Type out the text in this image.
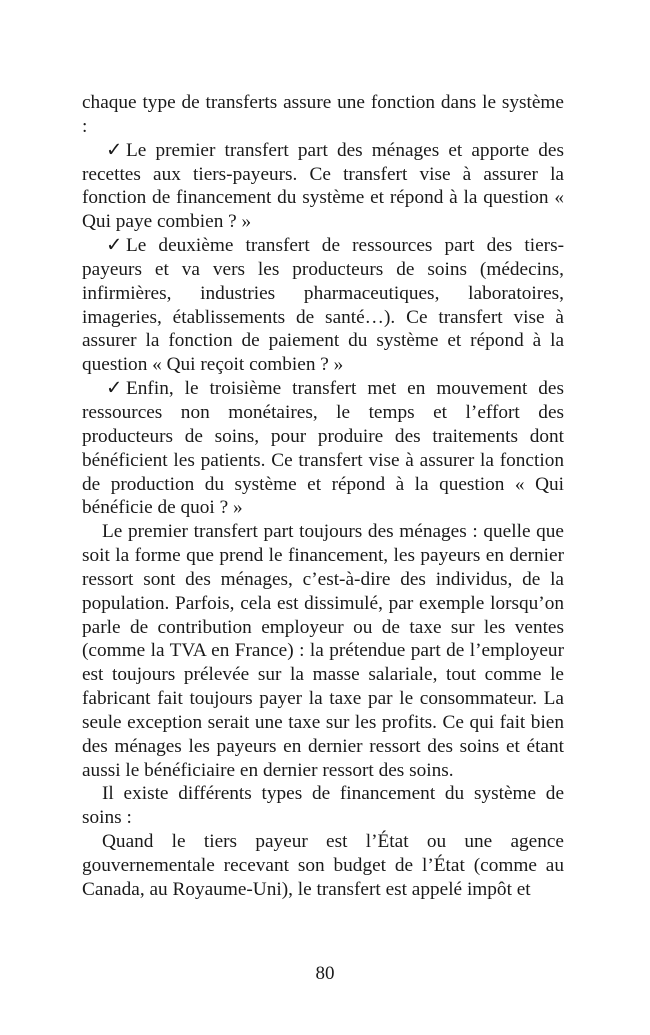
chaque type de transferts assure une fonction dans le système :

✓ Le premier transfert part des ménages et apporte des recettes aux tiers-payeurs. Ce transfert vise à assurer la fonction de financement du système et répond à la question « Qui paye combien ? »

✓ Le deuxième transfert de ressources part des tiers-payeurs et va vers les producteurs de soins (médecins, infirmières, industries pharmaceutiques, laboratoires, imageries, établissements de santé…). Ce transfert vise à assurer la fonction de paiement du système et répond à la question « Qui reçoit combien ? »

✓ Enfin, le troisième transfert met en mouvement des ressources non monétaires, le temps et l’effort des producteurs de soins, pour produire des traitements dont bénéficient les patients. Ce transfert vise à assurer la fonction de production du système et répond à la question « Qui bénéficie de quoi ? »

Le premier transfert part toujours des ménages : quelle que soit la forme que prend le financement, les payeurs en dernier ressort sont des ménages, c’est-à-dire des individus, de la population. Parfois, cela est dissimulé, par exemple lorsqu’on parle de contribution employeur ou de taxe sur les ventes (comme la TVA en France) : la prétendue part de l’employeur est toujours prélevée sur la masse salariale, tout comme le fabricant fait toujours payer la taxe par le consommateur. La seule exception serait une taxe sur les profits. Ce qui fait bien des ménages les payeurs en dernier ressort des soins et étant aussi le bénéficiaire en dernier ressort des soins.

Il existe différents types de financement du système de soins :

Quand le tiers payeur est l’État ou une agence gouvernementale recevant son budget de l’État (comme au Canada, au Royaume-Uni), le transfert est appelé impôt et

80
